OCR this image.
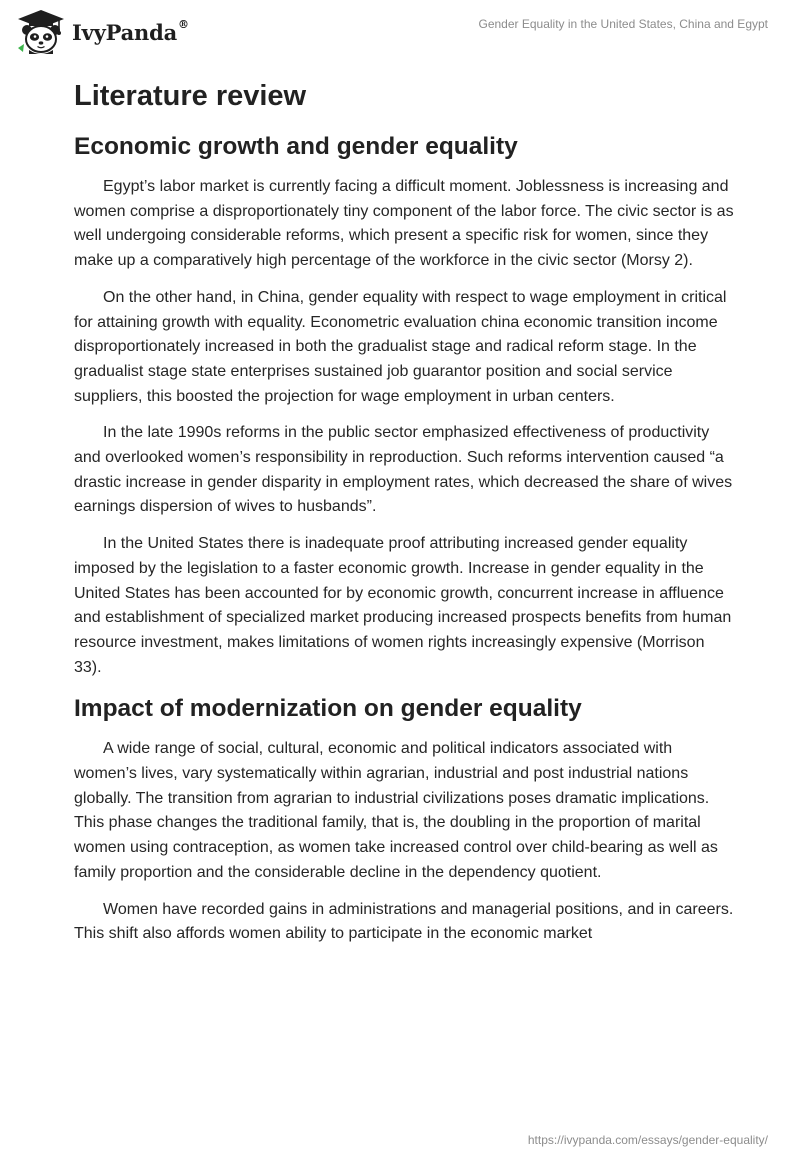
IvyPanda®	Gender Equality in the United States, China and Egypt
Literature review
Economic growth and gender equality

Egypt’s labor market is currently facing a difficult moment. Joblessness is increasing and women comprise a disproportionately tiny component of the labor force. The civic sector is as well undergoing considerable reforms, which present a specific risk for women, since they make up a comparatively high percentage of the workforce in the civic sector (Morsy 2).

On the other hand, in China, gender equality with respect to wage employment in critical for attaining growth with equality. Econometric evaluation china economic transition income disproportionately increased in both the gradualist stage and radical reform stage. In the gradualist stage state enterprises sustained job guarantor position and social service suppliers, this boosted the projection for wage employment in urban centers.

In the late 1990s reforms in the public sector emphasized effectiveness of productivity and overlooked women’s responsibility in reproduction. Such reforms intervention caused “a drastic increase in gender disparity in employment rates, which decreased the share of wives earnings dispersion of wives to husbands”.

In the United States there is inadequate proof attributing increased gender equality imposed by the legislation to a faster economic growth. Increase in gender equality in the United States has been accounted for by economic growth, concurrent increase in affluence and establishment of specialized market producing increased prospects benefits from human resource investment, makes limitations of women rights increasingly expensive (Morrison 33).

Impact of modernization on gender equality

A wide range of social, cultural, economic and political indicators associated with women’s lives, vary systematically within agrarian, industrial and post industrial nations globally. The transition from agrarian to industrial civilizations poses dramatic implications. This phase changes the traditional family, that is, the doubling in the proportion of marital women using contraception, as women take increased control over child-bearing as well as family proportion and the considerable decline in the dependency quotient.

Women have recorded gains in administrations and managerial positions, and in careers. This shift also affords women ability to participate in the economic market

https://ivypanda.com/essays/gender-equality/
